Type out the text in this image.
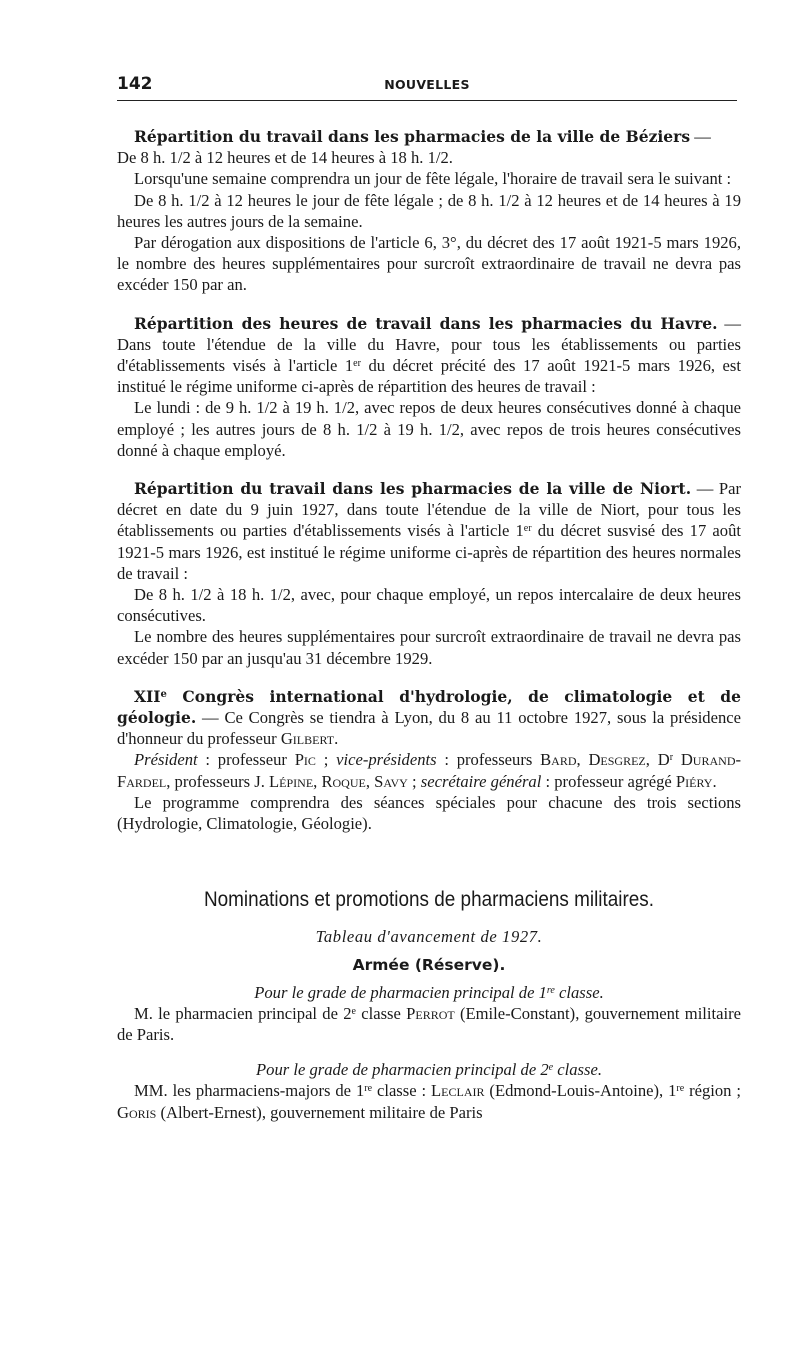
142	NOUVELLES

Répartition du travail dans les pharmacies de la ville de Béziers —

De 8 h. 1/2 à 12 heures et de 14 heures à 18 h. 1/2.

Lorsqu'une semaine comprendra un jour de fête légale, l'horaire de travail sera le suivant :

De 8 h. 1/2 à 12 heures le jour de fête légale ; de 8 h. 1/2 à 12 heures et de 14 heures à 19 heures les autres jours de la semaine.

Par dérogation aux dispositions de l'article 6, 3°, du décret des 17 août 1921-5 mars 1926, le nombre des heures supplémentaires pour surcroît extraordinaire de travail ne devra pas excéder 150 par an.

Répartition des heures de travail dans les pharmacies du Havre. — Dans toute l'étendue de la ville du Havre, pour tous les établissements ou parties d'établissements visés à l'article 1er du décret précité des 17 août 1921-5 mars 1926, est institué le régime uniforme ci-après de répartition des heures de travail :

Le lundi : de 9 h. 1/2 à 19 h. 1/2, avec repos de deux heures consécutives donné à chaque employé ; les autres jours de 8 h. 1/2 à 19 h. 1/2, avec repos de trois heures consécutives donné à chaque employé.

Répartition du travail dans les pharmacies de la ville de Niort. — Par décret en date du 9 juin 1927, dans toute l'étendue de la ville de Niort, pour tous les établissements ou parties d'établissements visés à l'article 1er du décret susvisé des 17 août 1921-5 mars 1926, est institué le régime uniforme ci-après de répartition des heures normales de travail :

De 8 h. 1/2 à 18 h. 1/2, avec, pour chaque employé, un repos intercalaire de deux heures consécutives.

Le nombre des heures supplémentaires pour surcroît extraordinaire de travail ne devra pas excéder 150 par an jusqu'au 31 décembre 1929.

XIIe Congrès international d'hydrologie, de climatologie et de géologie. — Ce Congrès se tiendra à Lyon, du 8 au 11 octobre 1927, sous la présidence d'honneur du professeur Gilbert.

Président : professeur Pic ; vice-présidents : professeurs Bard, Desgrez, $D^r$ Durand-Fardel, professeurs J. Lépine, Roque, Savy ; secrétaire général : professeur agrégé Piéry.

Le programme comprendra des séances spéciales pour chacune des trois sections (Hydrologie, Climatologie, Géologie).

Nominations et promotions de pharmaciens militaires.
Tableau d'avancement de 1927.
Armée (Réserve).
Pour le grade de pharmacien principal de 1re classe.

M. le pharmacien principal de 2e classe Perrot (Emile-Constant), gouvernement militaire de Paris.

Pour le grade de pharmacien principal de 2e classe.

MM. les pharmaciens-majors de 1re classe : Leclair (Edmond-Louis-Antoine), 1re région ; Goris (Albert-Ernest), gouvernement militaire de Paris
